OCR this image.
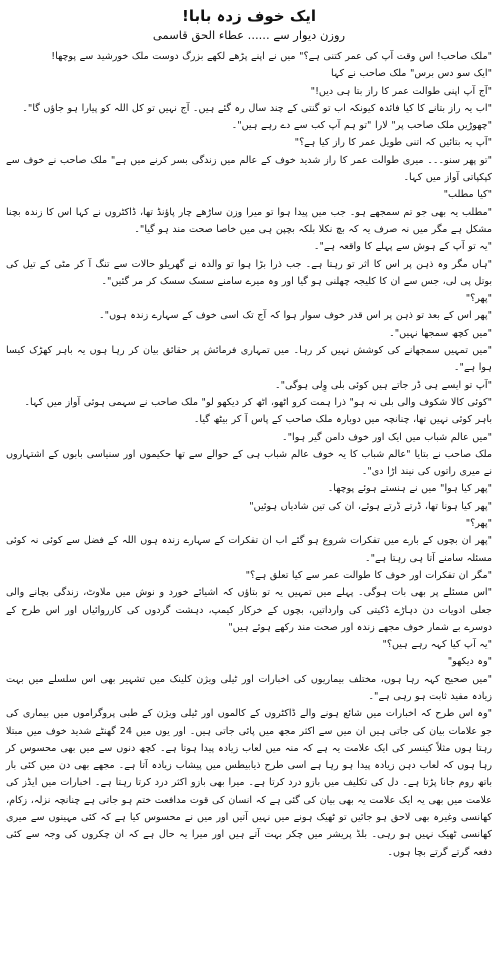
ایک خوف زدہ بابا!
روزن دیوار سے ...... عطاء الحق قاسمی

"ملک صاحب! اس وقت آپ کی عمر کتنی ہے؟" میں نے اپنے پڑھے لکھے بزرگ دوست ملک خورشید سے پوچھا!

"ایک سو دس برس" ملک صاحب نے کہا

"آج آپ اپنی طوالت عمر کا راز بتا ہی دیں!"

"اب یہ راز بتانے کا کیا فائدہ کیونکہ اب تو گنتی کے چند سال رہ گئے ہیں۔ آج نہیں تو کل اللہ کو پیارا ہو جاؤں گا"۔

"چھوڑیں ملک صاحب پر" لارا "تو ہم آپ کب سے دے رہے ہیں"۔

"آپ یہ بتائیں کہ اتنی طویل عمر کا راز کیا ہے؟"

"تو پھر سنو۔۔۔ میری طوالت عمر کا راز شدید خوف کے عالم میں زندگی بسر کرنے میں ہے" ملک صاحب نے خوف سے کپکپاتی آواز میں کہا۔

"کیا مطلب"

"مطلب یہ بھی جو تم سمجھے ہو۔ جب میں پیدا ہوا تو میرا وزن ساڑھے چار پاؤنڈ تھا، ڈاکٹروں نے کہا اس کا زندہ بچنا مشکل ہے مگر میں نہ صرف یہ کہ بچ نکلا بلکہ بچپن ہی میں خاصا صحت مند ہو گیا"۔

"یہ تو آپ کے ہوش سے پہلے کا واقعہ ہے"۔

"ہاں مگر وہ ذہن پر اس کا اثر تو رہتا ہے۔ جب ذرا بڑا ہوا تو والدہ نے گھریلو حالات سے تنگ آ کر مٹی کے تیل کی بوتل پی لی، جس سے ان کا کلیجہ چھلنی ہو گیا اور وہ میرے سامنے سسک سسک کر مر گئیں"۔

"پھر؟"

"پھر اس کے بعد تو ذہن پر اس قدر خوف سوار ہوا کہ آج تک اسی خوف کے سہارے زندہ ہوں"۔

"میں کچھ سمجھا نہیں"۔

"میں تمہیں سمجھانے کی کوشش نہیں کر رہا۔ میں تمہاری فرمائش پر حقائق بیان کر رہا ہوں یہ باہر کھڑک کیسا ہوا ہے"۔

"آپ تو ایسے ہی ڈر جاتے ہیں کوئی بلی وِلی ہوگی"۔

"کوئی کالا شکوف والی بلی نہ ہو" ذرا ہمت کرو اٹھو، اٹھ کر دیکھو لو" ملک صاحب نے سہمی ہوئی آواز میں کہا۔

باہر کوئی نہیں تھا، چنانچہ میں دوبارہ ملک صاحب کے پاس آ کر بیٹھ گیا۔

"میں عالم شباب میں ایک اور خوف دامن گیر ہوا"۔

ملک صاحب نے بتایا "عالم شباب کا یہ خوف عالم شباب ہی کے حوالے سے تھا حکیموں اور سنیاسی بابوں کے اشتہاروں نے میری راتوں کی نیند اڑا دی"۔

"پھر کیا ہوا" میں نے ہنستے ہوئے پوچھا۔

"پھر کیا ہونا تھا، ڈرتے ڈرتے ہوئے، ان کی تین شادیاں ہوئیں"

"پھر؟"

"پھر ان بچوں کے بارے میں تفکرات شروع ہو گئے اب ان تفکرات کے سہارے زندہ ہوں اللہ کے فضل سے کوئی نہ کوئی مسئلہ سامنے آتا ہی رہتا ہے"۔

"مگر ان تفکرات اور خوف کا طوالت عمر سے کیا تعلق ہے؟"

"اس مسئلے پر بھی بات ہوگی۔ پہلے میں تمہیں یہ تو بتاؤں کہ اشیائے خورد و نوش میں ملاوٹ، زندگی بچانے والی جعلی ادویات دن دہاڑے ڈکیتی کی وارداتیں، بچوں کے خرکار کیمپ، دہشت گردوں کی کارروائیاں اور اس طرح کے دوسرے بے شمار خوف مجھے زندہ اور صحت مند رکھے ہوئے ہیں"

"یہ آپ کیا کہہ رہے ہیں؟"

"وہ دیکھو"

"میں صحیح کہہ رہا ہوں، مختلف بیماریوں کی اخبارات اور ٹیلی ویژن کلینک میں تشہیر بھی اس سلسلے میں بہت زیادہ مفید ثابت ہو رہی ہے"۔

"وہ اس طرح کہ اخبارات میں شائع ہونے والے ڈاکٹروں کے کالموں اور ٹیلی ویژن کے طبی پروگراموں میں بیماری کی جو علامات بیان کی جاتی ہیں ان میں سے اکثر مجھ میں پائی جاتی ہیں۔ اور یوں میں 24 گھنٹے شدید خوف میں مبتلا رہتا ہوں مثلاً کینسر کی ایک علامت یہ ہے کہ منہ میں لعاب زیادہ پیدا ہوتا ہے۔ کچھ دنوں سے میں بھی محسوس کر رہا ہوں کہ لعاب دہن زیادہ پیدا ہو رہا ہے اسی طرح ذیابیطس میں پیشاب زیادہ آتا ہے۔ مجھے بھی دن میں کئی بار باتھ روم جانا پڑتا ہے۔ دل کی تکلیف میں بازو درد کرتا ہے۔ میرا بھی بازو اکثر درد کرتا رہتا ہے۔ اخبارات میں ایڈز کی علامت میں بھی یہ ایک علامت یہ بھی بیان کی گئی ہے کہ انسان کی قوت مدافعت ختم ہو جاتی ہے چنانچہ نزلہ، زکام، کھانسی وغیرہ بھی لاحق ہو جائیں تو ٹھیک ہونے میں نہیں آتیں اور میں نے محسوس کیا ہے کہ کئی مہینوں سے میری کھانسی ٹھیک نہیں ہو رہی۔ بلڈ پریشر میں چکر بہت آتے ہیں اور میرا یہ حال ہے کہ ان چکروں کی وجہ سے کئی دفعہ گرتے گرتے بچا ہوں۔
